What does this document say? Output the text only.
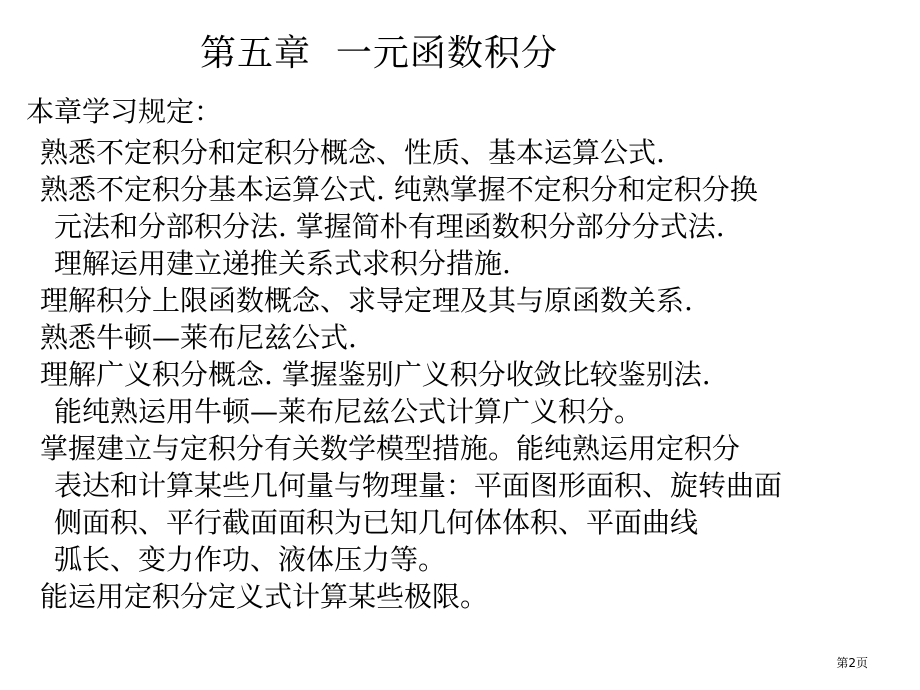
第五章  一元函数积分
本章学习规定：
熟悉不定积分和定积分概念、性质、基本运算公式.
熟悉不定积分基本运算公式. 纯熟掌握不定积分和定积分换
元法和分部积分法. 掌握简朴有理函数积分部分分式法.
理解运用建立递推关系式求积分措施.
理解积分上限函数概念、求导定理及其与原函数关系.
熟悉牛顿—莱布尼兹公式.
理解广义积分概念. 掌握鉴别广义积分收敛比较鉴别法.
能纯熟运用牛顿—莱布尼兹公式计算广义积分。
掌握建立与定积分有关数学模型措施。能纯熟运用定积分
表达和计算某些几何量与物理量：平面图形面积、旋转曲面
侧面积、平行截面面积为已知几何体体积、平面曲线
弧长、变力作功、液体压力等。
能运用定积分定义式计算某些极限。
第2页
